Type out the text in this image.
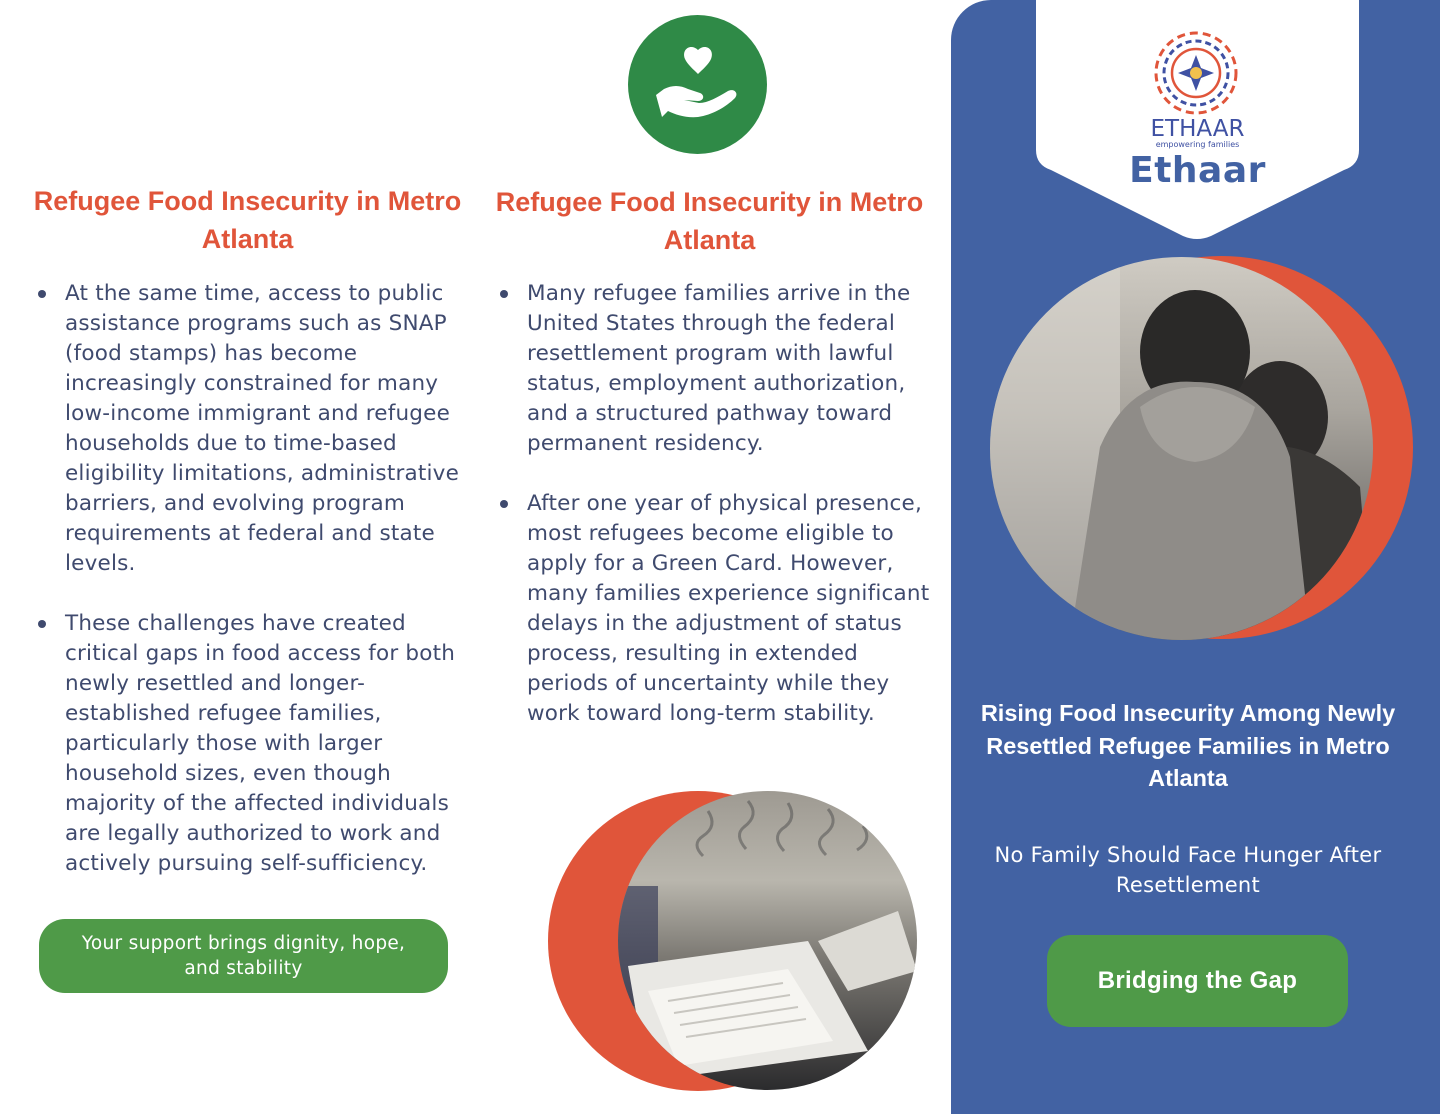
Refugee Food Insecurity in Metro Atlanta
At the same time, access to public assistance programs such as SNAP (food stamps) has become increasingly constrained for many low-income immigrant and refugee households due to time-based eligibility limitations, administrative barriers, and evolving program requirements at federal and state levels.
These challenges have created critical gaps in food access for both newly resettled and longer-established refugee families, particularly those with larger household sizes, even though majority of the affected individuals are legally authorized to work and actively pursuing self-sufficiency.
Your support brings dignity, hope, and stability
Refugee Food Insecurity in Metro Atlanta
Many refugee families arrive in the United States through the federal resettlement program with lawful status, employment authorization, and a structured pathway toward permanent residency.
After one year of physical presence, most refugees become eligible to apply for a Green Card. However, many families experience significant delays in the adjustment of status process, resulting in extended periods of uncertainty while they work toward long-term stability.
ETHAAR
empowering families
Ethaar
Rising Food Insecurity Among Newly Resettled Refugee Families in Metro Atlanta
No Family Should Face Hunger After Resettlement
Bridging the Gap
